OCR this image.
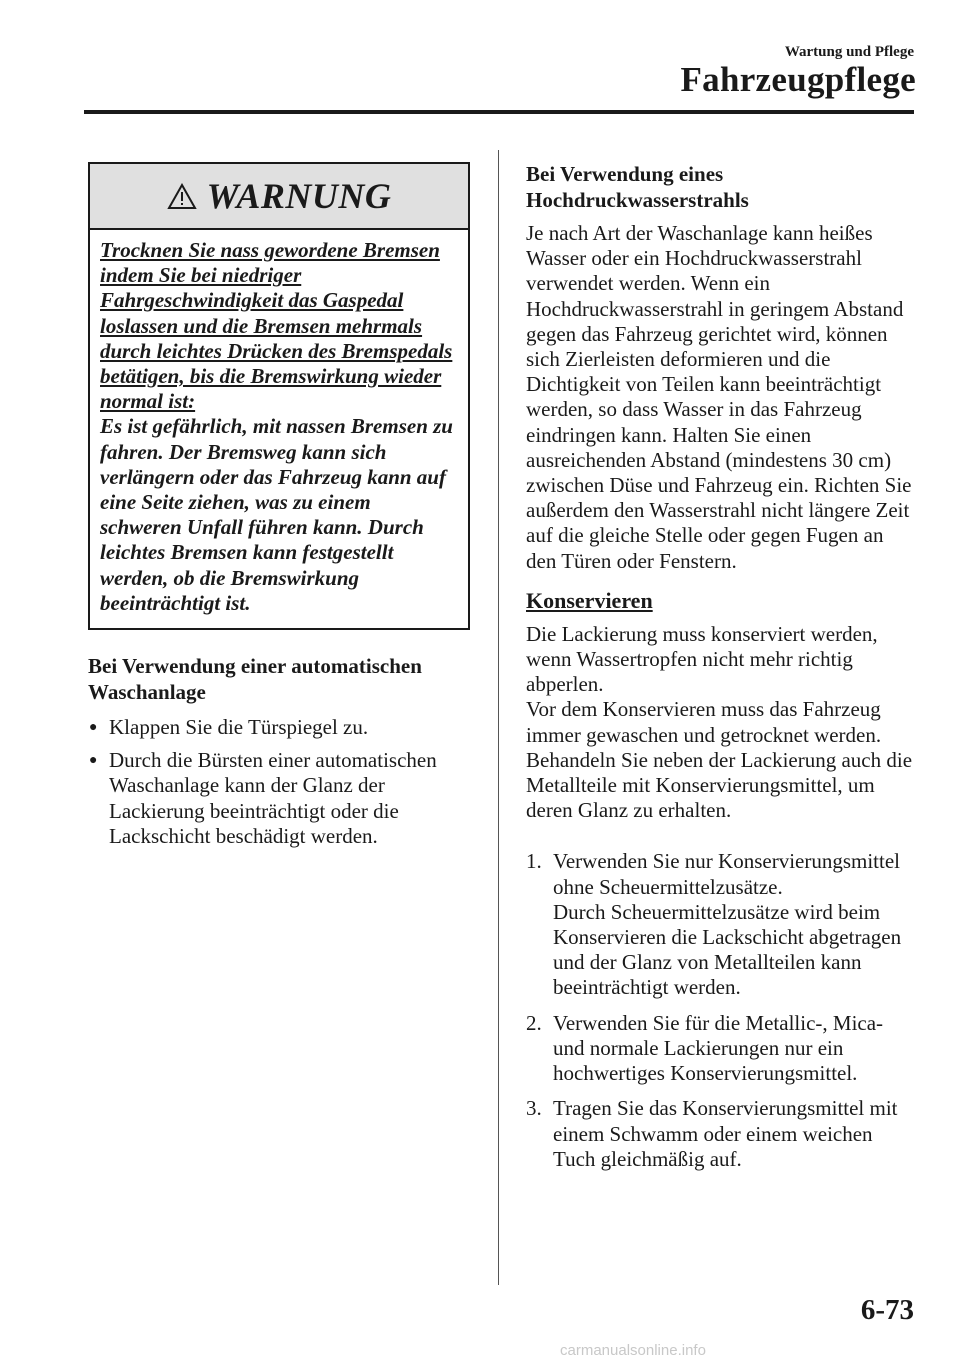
Wartung und Pflege
Fahrzeugpflege
WARNUNG
Trocknen Sie nass gewordene Bremsen indem Sie bei niedriger Fahrgeschwindigkeit das Gaspedal loslassen und die Bremsen mehrmals durch leichtes Drücken des Bremspedals betätigen, bis die Bremswirkung wieder normal ist:
Es ist gefährlich, mit nassen Bremsen zu fahren. Der Bremsweg kann sich verlängern oder das Fahrzeug kann auf eine Seite ziehen, was zu einem schweren Unfall führen kann. Durch leichtes Bremsen kann festgestellt werden, ob die Bremswirkung beeinträchtigt ist.
Bei Verwendung einer automatischen Waschanlage
● Klappen Sie die Türspiegel zu.
● Durch die Bürsten einer automatischen Waschanlage kann der Glanz der Lackierung beeinträchtigt oder die Lackschicht beschädigt werden.
Bei Verwendung eines Hochdruckwasserstrahls
Je nach Art der Waschanlage kann heißes Wasser oder ein Hochdruckwasserstrahl verwendet werden. Wenn ein Hochdruckwasserstrahl in geringem Abstand gegen das Fahrzeug gerichtet wird, können sich Zierleisten deformieren und die Dichtigkeit von Teilen kann beeinträchtigt werden, so dass Wasser in das Fahrzeug eindringen kann. Halten Sie einen ausreichenden Abstand (mindestens 30 cm) zwischen Düse und Fahrzeug ein. Richten Sie außerdem den Wasserstrahl nicht längere Zeit auf die gleiche Stelle oder gegen Fugen an den Türen oder Fenstern.
Konservieren
Die Lackierung muss konserviert werden, wenn Wassertropfen nicht mehr richtig abperlen.
Vor dem Konservieren muss das Fahrzeug immer gewaschen und getrocknet werden. Behandeln Sie neben der Lackierung auch die Metallteile mit Konservierungsmittel, um deren Glanz zu erhalten.
1. Verwenden Sie nur Konservierungsmittel ohne Scheuermittelzusätze.
Durch Scheuermittelzusätze wird beim Konservieren die Lackschicht abgetragen und der Glanz von Metallteilen kann beeinträchtigt werden.
2. Verwenden Sie für die Metallic-, Mica- und normale Lackierungen nur ein hochwertiges Konservierungsmittel.
3. Tragen Sie das Konservierungsmittel mit einem Schwamm oder einem weichen Tuch gleichmäßig auf.
6-73
carmanualsonline.info
